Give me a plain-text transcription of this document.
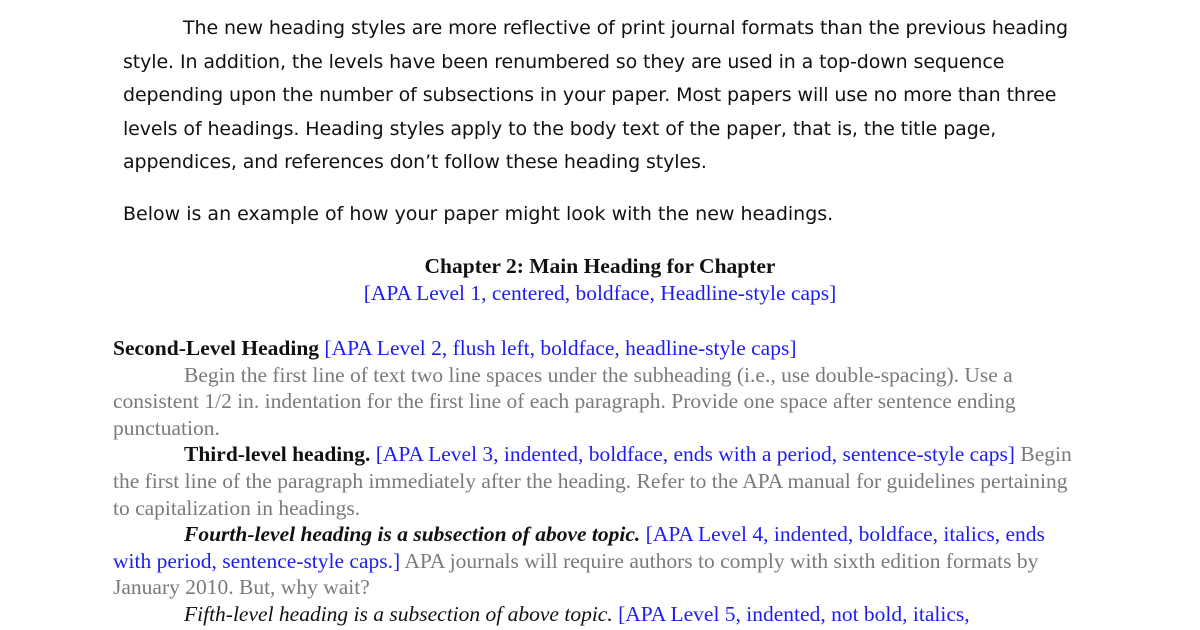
The new heading styles are more reflective of print journal formats than the previous heading style. In addition, the levels have been renumbered so they are used in a top-down sequence depending upon the number of subsections in your paper. Most papers will use no more than three levels of headings. Heading styles apply to the body text of the paper, that is, the title page, appendices, and references don’t follow these heading styles.

Below is an example of how your paper might look with the new headings.

Chapter 2: Main Heading for Chapter
[APA Level 1, centered, boldface, Headline-style caps]

Second-Level Heading [APA Level 2, flush left, boldface, headline-style caps]

Begin the first line of text two line spaces under the subheading (i.e., use double-spacing). Use a consistent 1/2 in. indentation for the first line of each paragraph. Provide one space after sentence ending punctuation.

Third-level heading. [APA Level 3, indented, boldface, ends with a period, sentence-style caps] Begin the first line of the paragraph immediately after the heading. Refer to the APA manual for guidelines pertaining to capitalization in headings.

Fourth-level heading is a subsection of above topic. [APA Level 4, indented, boldface, italics, ends with period, sentence-style caps.] APA journals will require authors to comply with sixth edition formats by January 2010. But, why wait?

Fifth-level heading is a subsection of above topic. [APA Level 5, indented, not bold, italics,
